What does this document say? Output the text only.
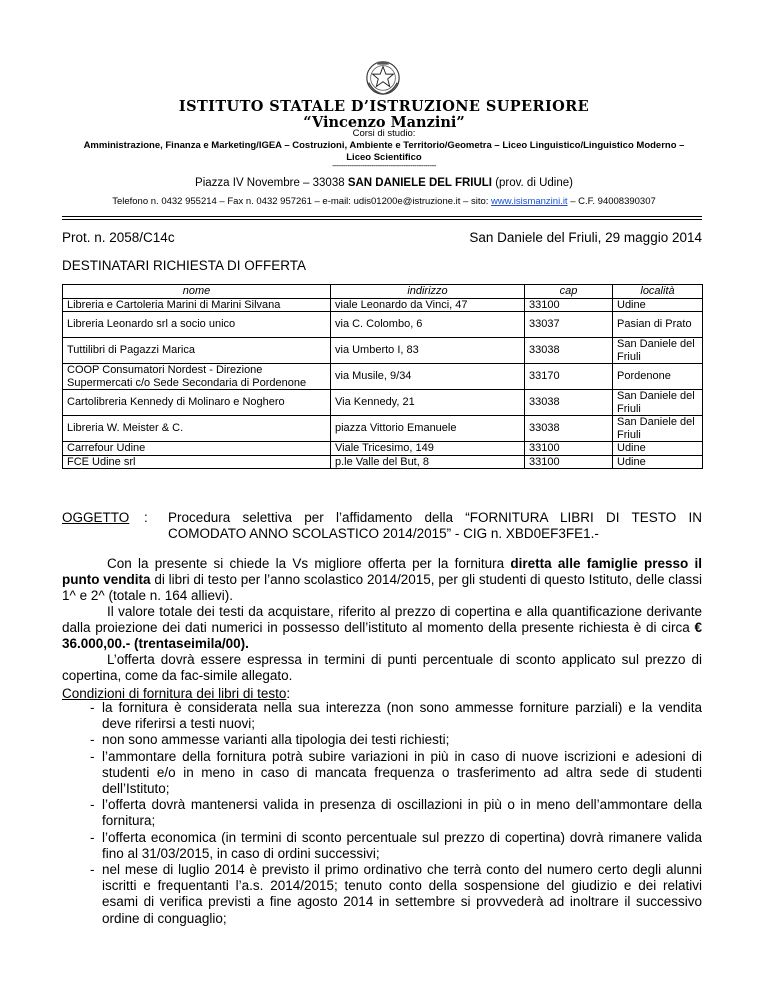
ISTITUTO STATALE D’ISTRUZIONE SUPERIORE
“Vincenzo Manzini”
Corsi di studio:
Amministrazione, Finanza e Marketing/IGEA – Costruzioni, Ambiente e Territorio/Geometra – Liceo Linguistico/Linguistico Moderno – Liceo Scientifico
------------------------------------------------
Piazza IV Novembre – 33038 SAN DANIELE DEL FRIULI (prov. di Udine)
Telefono n. 0432 955214 – Fax n. 0432 957261 – e-mail: udis01200e@istruzione.it – sito: www.isismanzini.it – C.F. 94008390307
Prot. n. 2058/C14c	San Daniele del Friuli, 29 maggio 2014
DESTINATARI RICHIESTA DI OFFERTA
nome	indirizzo	cap	località
Libreria e Cartoleria Marini di Marini Silvana	viale Leonardo da Vinci, 47	33100	Udine
Libreria Leonardo srl a socio unico	via C. Colombo, 6	33037	Pasian di Prato
Tuttilibri di Pagazzi Marica	via Umberto I, 83	33038	San Daniele del Friuli
COOP Consumatori Nordest - Direzione Supermercati c/o Sede Secondaria di Pordenone	via Musile, 9/34	33170	Pordenone
Cartolibreria Kennedy di Molinaro e Noghero	Via Kennedy, 21	33038	San Daniele del Friuli
Libreria W. Meister & C.	piazza Vittorio Emanuele	33038	San Daniele del Friuli
Carrefour Udine	Viale Tricesimo, 149	33100	Udine
FCE Udine srl	p.le Valle del But, 8	33100	Udine
OGGETTO : Procedura selettiva per l’affidamento della “FORNITURA LIBRI DI TESTO IN COMODATO ANNO SCOLASTICO 2014/2015” - CIG n. XBD0EF3FE1.-
Con la presente si chiede la Vs migliore offerta per la fornitura diretta alle famiglie presso il punto vendita di libri di testo per l’anno scolastico 2014/2015, per gli studenti di questo Istituto, delle classi 1^ e 2^ (totale n. 164 allievi).
Il valore totale dei testi da acquistare, riferito al prezzo di copertina e alla quantificazione derivante dalla proiezione dei dati numerici in possesso dell’istituto al momento della presente richiesta è di circa € 36.000,00.- (trentaseimila/00).
L’offerta dovrà essere espressa in termini di punti percentuale di sconto applicato sul prezzo di copertina, come da fac-simile allegato.
Condizioni di fornitura dei libri di testo:
- la fornitura è considerata nella sua interezza (non sono ammesse forniture parziali) e la vendita deve riferirsi a testi nuovi;
- non sono ammesse varianti alla tipologia dei testi richiesti;
- l’ammontare della fornitura potrà subire variazioni in più in caso di nuove iscrizioni e adesioni di studenti e/o in meno in caso di mancata frequenza o trasferimento ad altra sede di studenti dell’Istituto;
- l’offerta dovrà mantenersi valida in presenza di oscillazioni in più o in meno dell’ammontare della fornitura;
- l’offerta economica (in termini di sconto percentuale sul prezzo di copertina) dovrà rimanere valida fino al 31/03/2015, in caso di ordini successivi;
- nel mese di luglio 2014 è previsto il primo ordinativo che terrà conto del numero certo degli alunni iscritti e frequentanti l’a.s. 2014/2015; tenuto conto della sospensione del giudizio e dei relativi esami di verifica previsti a fine agosto 2014 in settembre si provvederà ad inoltrare il successivo ordine di conguaglio;
